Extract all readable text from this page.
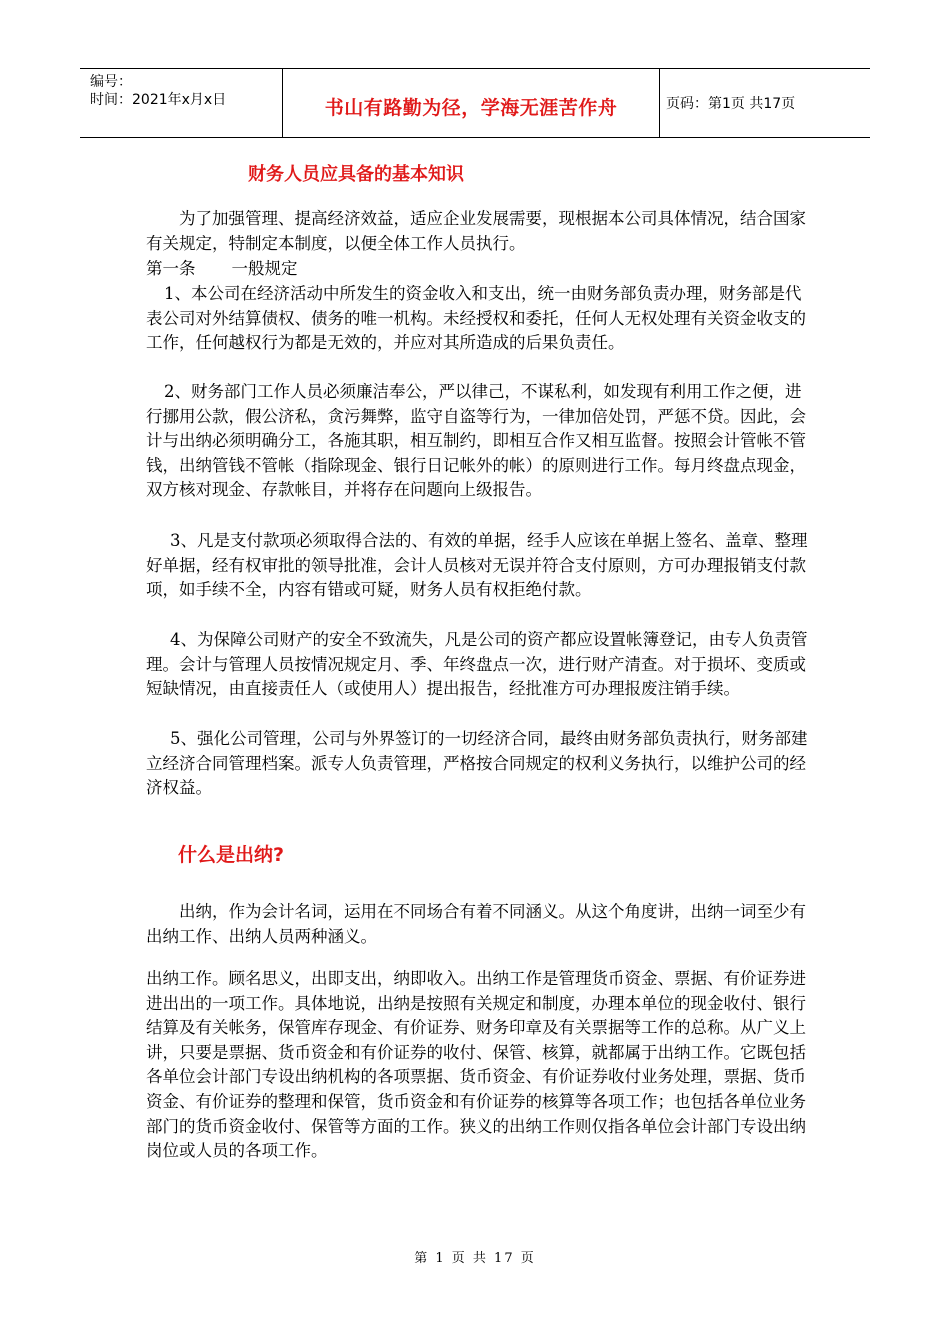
编号：
时间：2021年x月x日	书山有路勤为径，学海无涯苦作舟	页码：第1页 共17页
财务人员应具备的基本知识

为了加强管理、提高经济效益，适应企业发展需要，现根据本公司具体情况，结合国家有关规定，特制定本制度，以便全体工作人员执行。

第一条 一般规定

1、本公司在经济活动中所发生的资金收入和支出，统一由财务部负责办理，财务部是代表公司对外结算债权、债务的唯一机构。未经授权和委托，任何人无权处理有关资金收支的工作，任何越权行为都是无效的，并应对其所造成的后果负责任。

2、财务部门工作人员必须廉洁奉公，严以律己，不谋私利，如发现有利用工作之便，进行挪用公款，假公济私，贪污舞弊，监守自盗等行为，一律加倍处罚，严惩不贷。因此，会计与出纳必须明确分工，各施其职，相互制约，即相互合作又相互监督。按照会计管帐不管钱，出纳管钱不管帐（指除现金、银行日记帐外的帐）的原则进行工作。每月终盘点现金，双方核对现金、存款帐目，并将存在问题向上级报告。

3、凡是支付款项必须取得合法的、有效的单据，经手人应该在单据上签名、盖章、整理好单据，经有权审批的领导批准，会计人员核对无误并符合支付原则，方可办理报销支付款项，如手续不全，内容有错或可疑，财务人员有权拒绝付款。

4、为保障公司财产的安全不致流失，凡是公司的资产都应设置帐簿登记，由专人负责管理。会计与管理人员按情况规定月、季、年终盘点一次，进行财产清查。对于损坏、变质或短缺情况，由直接责任人（或使用人）提出报告，经批准方可办理报废注销手续。

5、强化公司管理，公司与外界签订的一切经济合同，最终由财务部负责执行，财务部建立经济合同管理档案。派专人负责管理，严格按合同规定的权利义务执行，以维护公司的经济权益。

什么是出纳?

出纳，作为会计名词，运用在不同场合有着不同涵义。从这个角度讲，出纳一词至少有出纳工作、出纳人员两种涵义。

出纳工作。顾名思义，出即支出，纳即收入。出纳工作是管理货币资金、票据、有价证券进进出出的一项工作。具体地说，出纳是按照有关规定和制度，办理本单位的现金收付、银行结算及有关帐务，保管库存现金、有价证券、财务印章及有关票据等工作的总称。从广义上讲，只要是票据、货币资金和有价证券的收付、保管、核算，就都属于出纳工作。它既包括各单位会计部门专设出纳机构的各项票据、货币资金、有价证券收付业务处理，票据、货币资金、有价证券的整理和保管，货币资金和有价证券的核算等各项工作；也包括各单位业务部门的货币资金收付、保管等方面的工作。狭义的出纳工作则仅指各单位会计部门专设出纳岗位或人员的各项工作。

第 1 页 共 17 页
